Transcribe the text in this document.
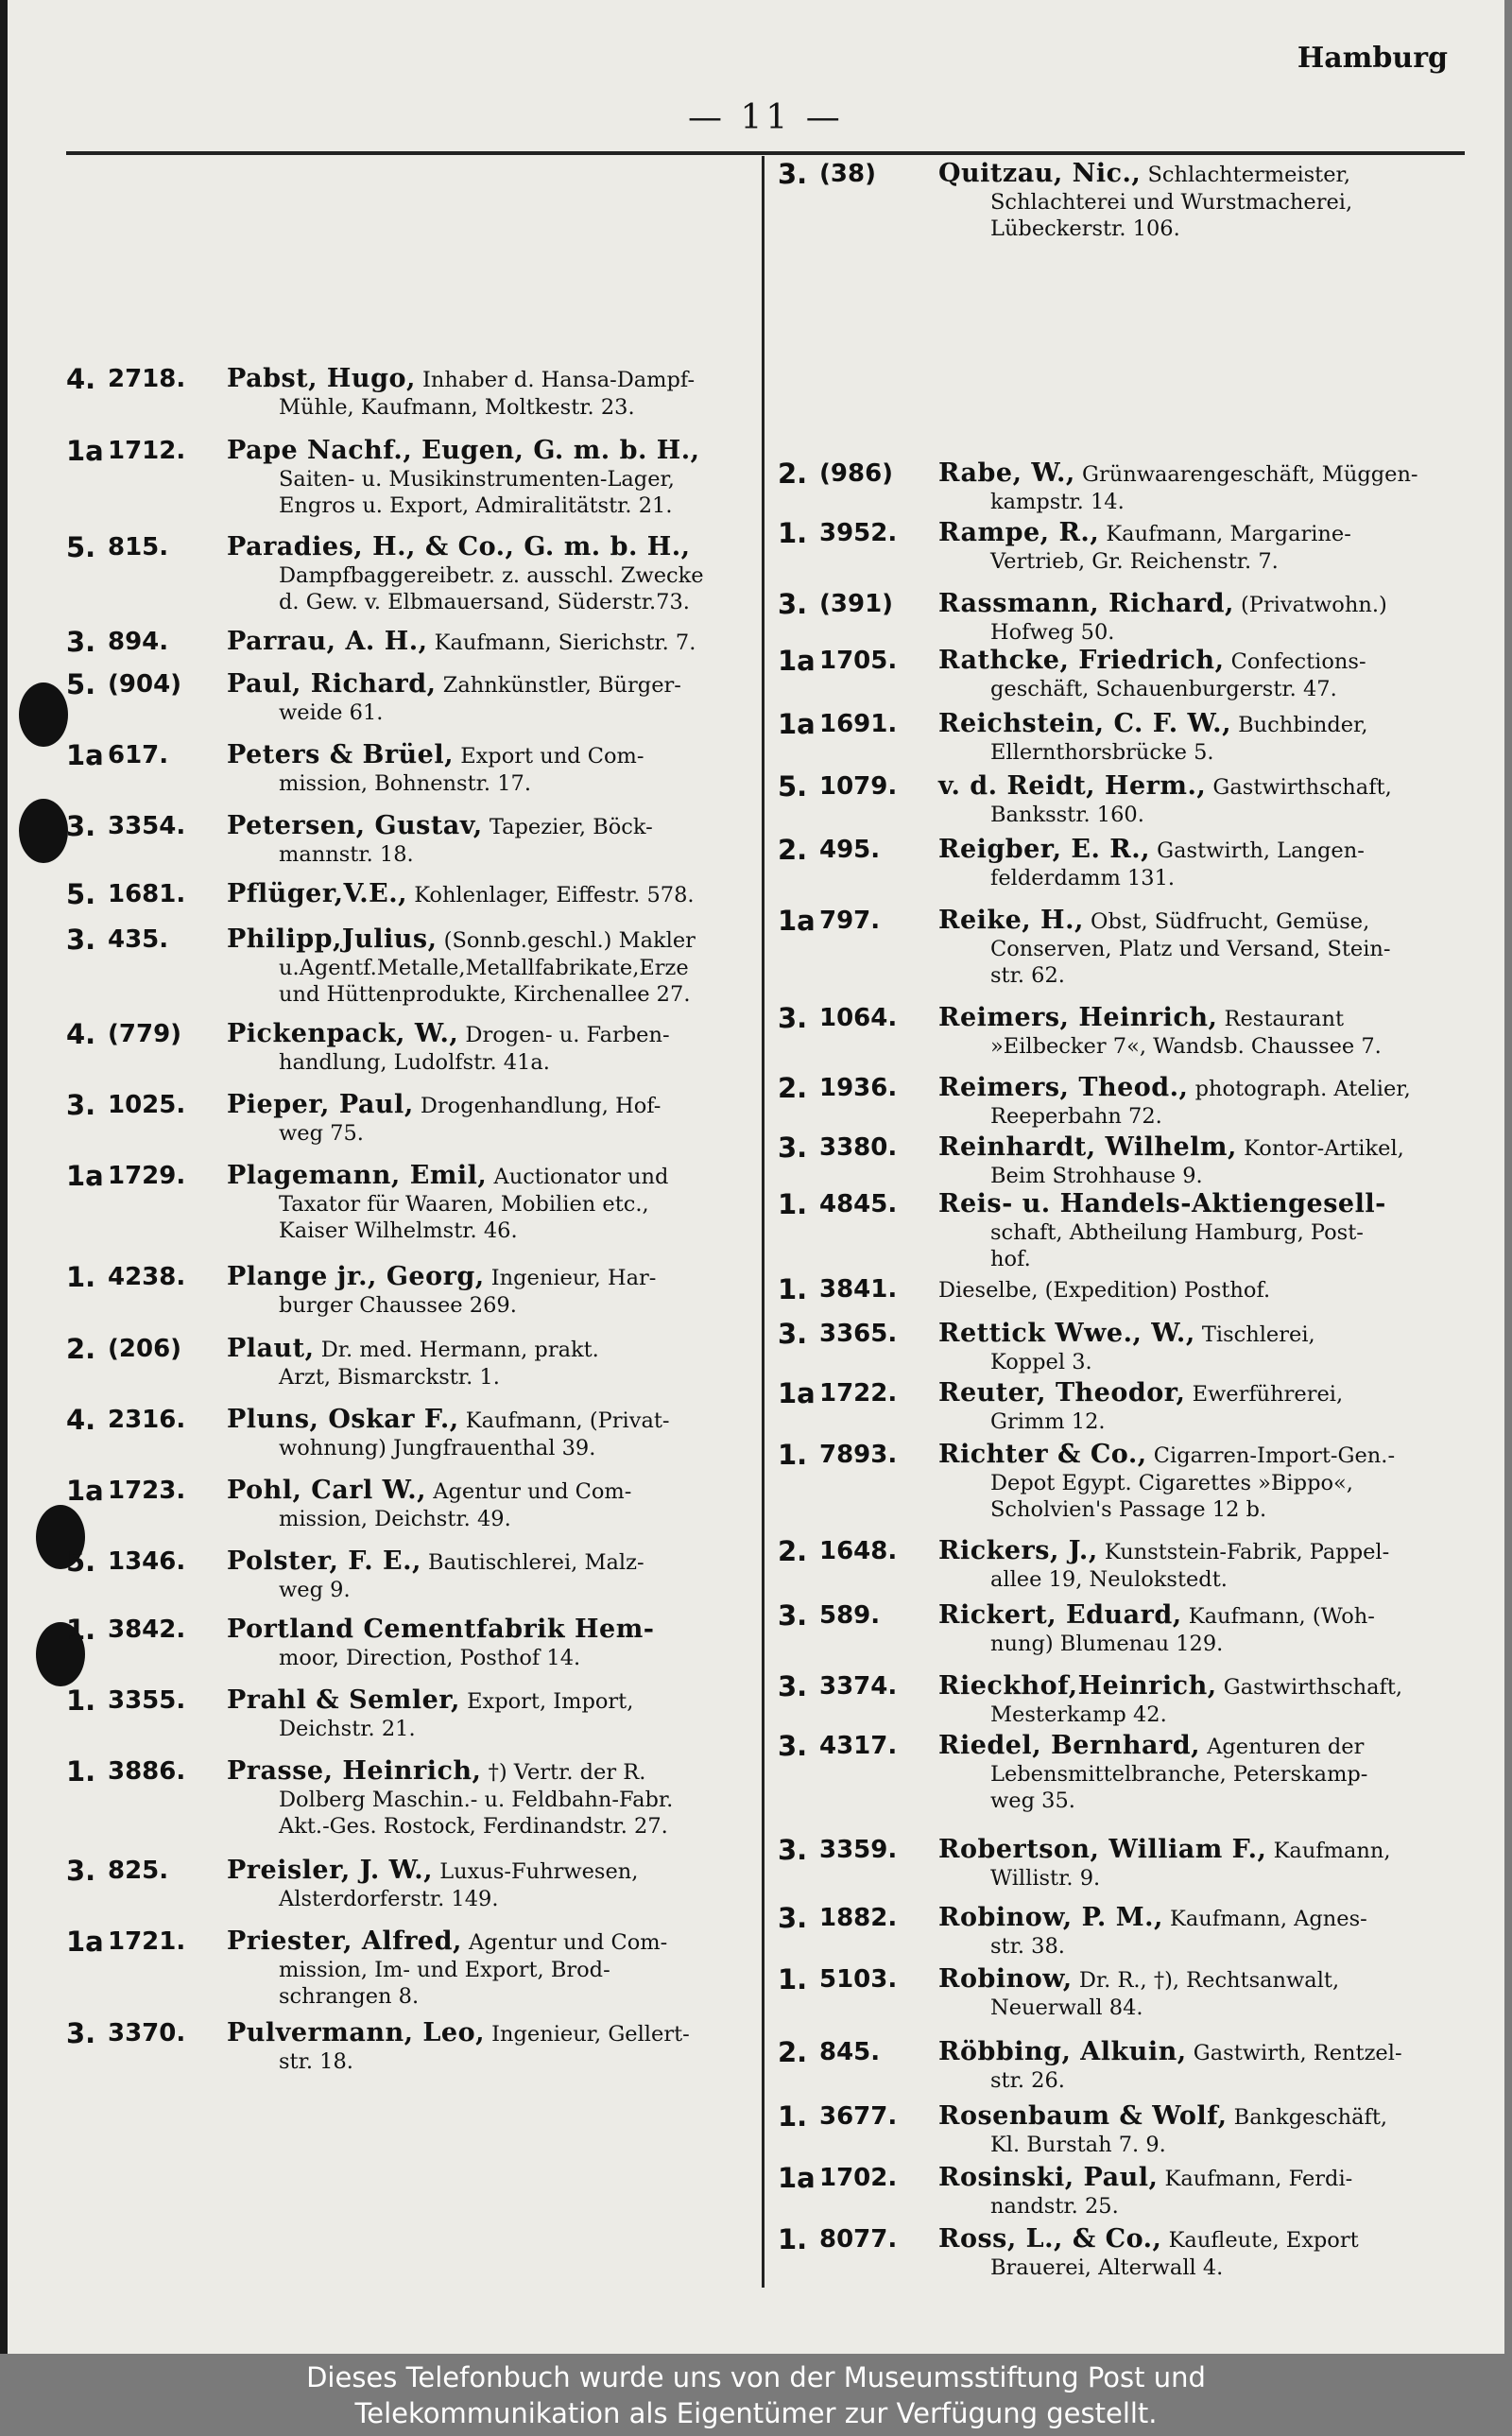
Hamburg
— 11 —
4. 2718.	Pabst, Hugo, Inhaber d. Hansa-Dampf-
Mühle, Kaufmann, Moltkestr. 23.
1a 1712.	Pape Nachf., Eugen, G. m. b. H.,
Saiten- u. Musikinstrumenten-Lager,
Engros u. Export, Admiralitätstr. 21.
5. 815.	Paradies, H., & Co., G. m. b. H.,
Dampfbaggereibetr. z. ausschl. Zwecke
d. Gew. v. Elbmauersand, Süderstr.73.
3. 894.	Parrau, A. H., Kaufmann, Sierichstr. 7.
5. (904)	Paul, Richard, Zahnkünstler, Bürger-
weide 61.
1a 617.	Peters & Brüel, Export und Com-
mission, Bohnenstr. 17.
3. 3354.	Petersen, Gustav, Tapezier, Böck-
mannstr. 18.
5. 1681.	Pflüger,V.E., Kohlenlager, Eiffestr. 578.
3. 435.	Philipp,Julius, (Sonnb.geschl.) Makler
u.Agentf.Metalle,Metallfabrikate,Erze
und Hüttenprodukte, Kirchenallee 27.
4. (779)	Pickenpack, W., Drogen- u. Farben-
handlung, Ludolfstr. 41a.
3. 1025.	Pieper, Paul, Drogenhandlung, Hof-
weg 75.
1a 1729.	Plagemann, Emil, Auctionator und
Taxator für Waaren, Mobilien etc.,
Kaiser Wilhelmstr. 46.
1. 4238.	Plange jr., Georg, Ingenieur, Har-
burger Chaussee 269.
2. (206)	Plaut, Dr. med. Hermann, prakt.
Arzt, Bismarckstr. 1.
4. 2316.	Pluns, Oskar F., Kaufmann, (Privat-
wohnung) Jungfrauenthal 39.
1a 1723.	Pohl, Carl W., Agentur und Com-
mission, Deichstr. 49.
5. 1346.	Polster, F. E., Bautischlerei, Malz-
weg 9.
1. 3842.	Portland Cementfabrik Hem-
moor, Direction, Posthof 14.
1. 3355.	Prahl & Semler, Export, Import,
Deichstr. 21.
1. 3886.	Prasse, Heinrich, †) Vertr. der R.
Dolberg Maschin.- u. Feldbahn-Fabr.
Akt.-Ges. Rostock, Ferdinandstr. 27.
3. 825.	Preisler, J. W., Luxus-Fuhrwesen,
Alsterdorferstr. 149.
1a 1721.	Priester, Alfred, Agentur und Com-
mission, Im- und Export, Brod-
schrangen 8.
3. 3370.	Pulvermann, Leo, Ingenieur, Gellert-
str. 18.
3. (38)	Quitzau, Nic., Schlachtermeister,
Schlachterei und Wurstmacherei,
Lübeckerstr. 106.
2. (986)	Rabe, W., Grünwaarengeschäft, Müggen-
kampstr. 14.
1. 3952.	Rampe, R., Kaufmann, Margarine-
Vertrieb, Gr. Reichenstr. 7.
3. (391)	Rassmann, Richard, (Privatwohn.)
Hofweg 50.
1a 1705.	Rathcke, Friedrich, Confections-
geschäft, Schauenburgerstr. 47.
1a 1691.	Reichstein, C. F. W., Buchbinder,
Ellernthorsbrücke 5.
5. 1079.	v. d. Reidt, Herm., Gastwirthschaft,
Banksstr. 160.
2. 495.	Reigber, E. R., Gastwirth, Langen-
felderdamm 131.
1a 797.	Reike, H., Obst, Südfrucht, Gemüse,
Conserven, Platz und Versand, Stein-
str. 62.
3. 1064.	Reimers, Heinrich, Restaurant
»Eilbecker 7«, Wandsb. Chaussee 7.
2. 1936.	Reimers, Theod., photograph. Atelier,
Reeperbahn 72.
3. 3380.	Reinhardt, Wilhelm, Kontor-Artikel,
Beim Strohhause 9.
1. 4845.	Reis- u. Handels-Aktiengesell-
schaft, Abtheilung Hamburg, Post-
hof.
1. 3841.	Dieselbe, (Expedition) Posthof.
3. 3365.	Rettick Wwe., W., Tischlerei,
Koppel 3.
1a 1722.	Reuter, Theodor, Ewerführerei,
Grimm 12.
1. 7893.	Richter & Co., Cigarren-Import-Gen.-
Depot Egypt. Cigarettes »Bippo«,
Scholvien's Passage 12 b.
2. 1648.	Rickers, J., Kunststein-Fabrik, Pappel-
allee 19, Neulokstedt.
3. 589.	Rickert, Eduard, Kaufmann, (Woh-
nung) Blumenau 129.
3. 3374.	Rieckhof,Heinrich, Gastwirthschaft,
Mesterkamp 42.
3. 4317.	Riedel, Bernhard, Agenturen der
Lebensmittelbranche, Peterskamp-
weg 35.
3. 3359.	Robertson, William F., Kaufmann,
Willistr. 9.
3. 1882.	Robinow, P. M., Kaufmann, Agnes-
str. 38.
1. 5103.	Robinow, Dr. R., †), Rechtsanwalt,
Neuerwall 84.
2. 845.	Röbbing, Alkuin, Gastwirth, Rentzel-
str. 26.
1. 3677.	Rosenbaum & Wolf, Bankgeschäft,
Kl. Burstah 7. 9.
1a 1702.	Rosinski, Paul, Kaufmann, Ferdi-
nandstr. 25.
1. 8077.	Ross, L., & Co., Kaufleute, Export
Brauerei, Alterwall 4.
Dieses Telefonbuch wurde uns von der Museumsstiftung Post und
Telekommunikation als Eigentümer zur Verfügung gestellt.
